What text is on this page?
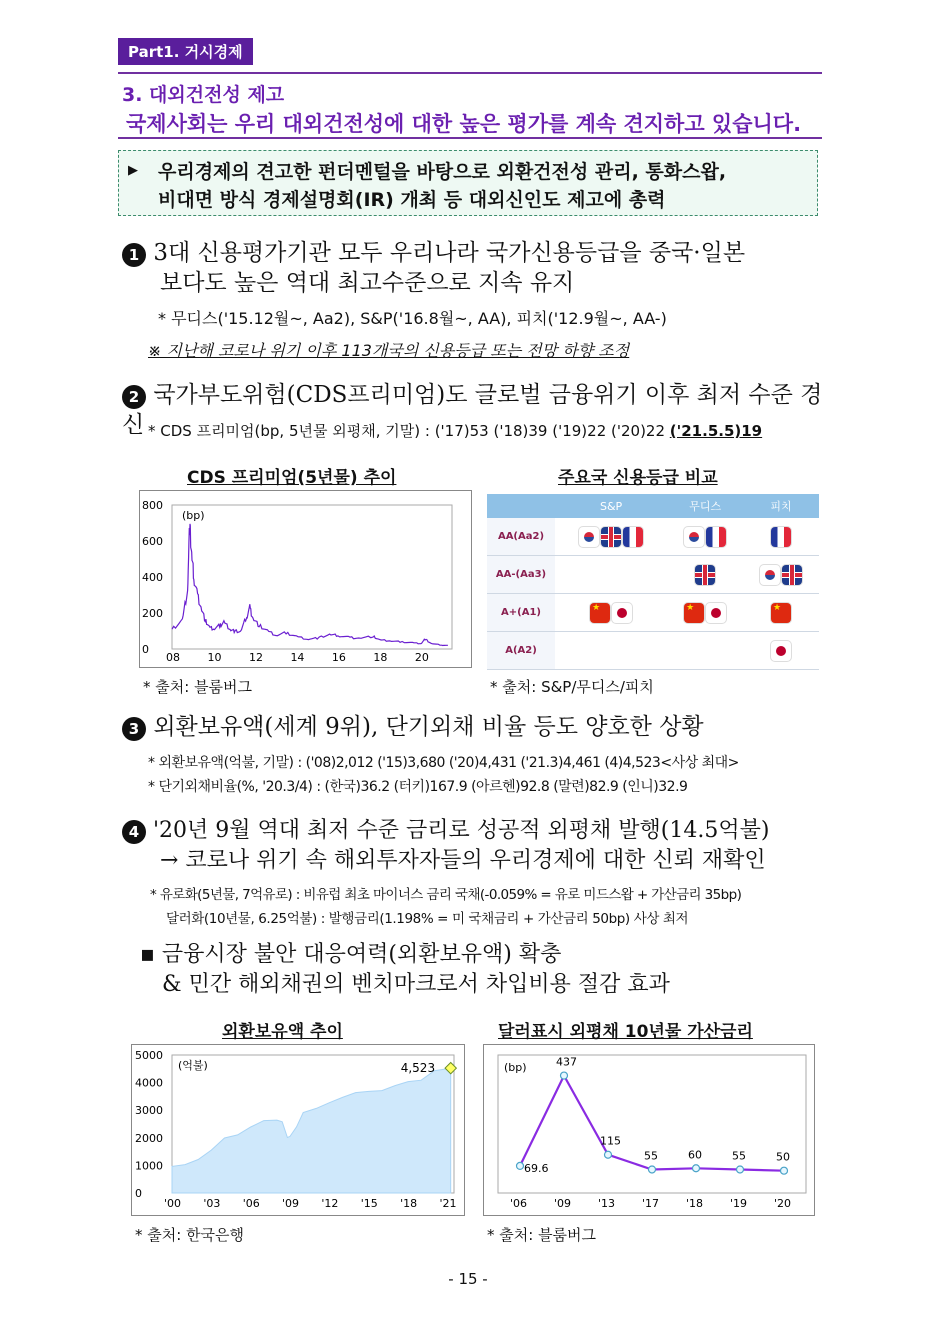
Part1. 거시경제
3. 대외건전성 제고
국제사회는 우리 대외건전성에 대한 높은 평가를 계속 견지하고 있습니다.
▶ 우리경제의 견고한 펀더멘털을 바탕으로 외환건전성 관리, 통화스왑,
비대면 방식 경제설명회(IR) 개최 등 대외신인도 제고에 총력
1 3대 신용평가기관 모두 우리나라 국가신용등급을 중국·일본
보다도 높은 역대 최고수준으로 지속 유지
* 무디스('15.12월~, Aa2), S&P('16.8월~, AA), 피치('12.9월~, AA-)
※ 지난해 코로나 위기 이후 113개국의 신용등급 또는 전망 하향 조정
2 국가부도위험(CDS프리미엄)도 글로벌 금융위기 이후 최저 수준 경신 * CDS 프리미엄(bp, 5년물 외평채, 기말) : ('17)53 ('18)39 ('19)22 ('20)22 ('21.5.5)19
CDS 프리미엄(5년물) 추이
800
600
400
200
0
08 10 12 14 16 18 20
(bp)
* 출처: 블룸버그
주요국 신용등급 비교
	S&P	무디스	피치
AA(Aa2)			
AA-(Aa3)			
A+(A1)	★	★	★
A(A2)			
* 출처: S&P/무디스/피치
3 외환보유액(세계 9위), 단기외채 비율 등도 양호한 상황
* 외환보유액(억불, 기말) : ('08)2,012 ('15)3,680 ('20)4,431 ('21.3)4,461 (4)4,523<사상 최대>
* 단기외채비율(%, '20.3/4) : (한국)36.2 (터키)167.9 (아르헨)92.8 (말련)82.9 (인니)32.9
4 '20년 9월 역대 최저 수준 금리로 성공적 외평채 발행(14.5억불)
→ 코로나 위기 속 해외투자자들의 우리경제에 대한 신뢰 재확인
* 유로화(5년물, 7억유로) : 비유럽 최초 마이너스 금리 국채(-0.059% = 유로 미드스왑 + 가산금리 35bp)
달러화(10년물, 6.25억불) : 발행금리(1.198% = 미 국채금리 + 가산금리 50bp) 사상 최저
▪ 금융시장 불안 대응여력(외환보유액) 확충
& 민간 해외채권의 벤치마크로서 차입비용 절감 효과
외환보유액 추이
5000
4000
3000
2000
1000
0
'00 '03 '06 '09 '12 '15 '18 '21
(억불)	4,523
* 출처: 한국은행
달러표시 외평채 10년물 가산금리
(bp)
69.6
'06
437
'09
115
'13
55
'17
60
'18
55
'19
50
'20
* 출처: 블룸버그
- 15 -
